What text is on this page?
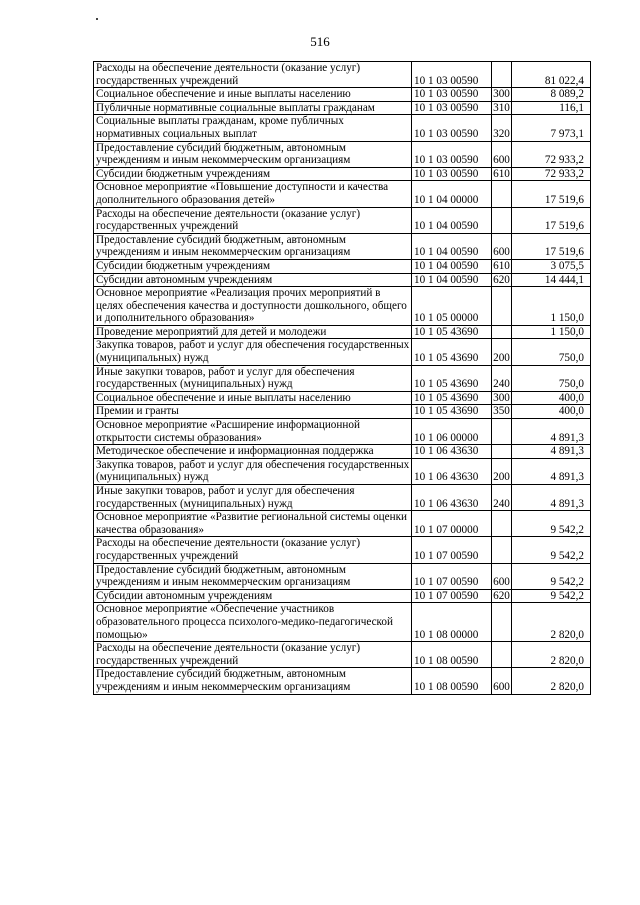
516
Расходы на обеспечение деятельности (оказание услуг) государственных учреждений	10 1 03 00590		81 022,4
Социальное обеспечение и иные выплаты населению	10 1 03 00590	300	8 089,2
Публичные нормативные социальные выплаты гражданам	10 1 03 00590	310	116,1
Социальные выплаты гражданам, кроме публичных нормативных социальных выплат	10 1 03 00590	320	7 973,1
Предоставление субсидий бюджетным, автономным учреждениям и иным некоммерческим организациям	10 1 03 00590	600	72 933,2
Субсидии бюджетным учреждениям	10 1 03 00590	610	72 933,2
Основное мероприятие «Повышение доступности и качества дополнительного образования детей»	10 1 04 00000		17 519,6
Расходы на обеспечение деятельности (оказание услуг) государственных учреждений	10 1 04 00590		17 519,6
Предоставление субсидий бюджетным, автономным учреждениям и иным некоммерческим организациям	10 1 04 00590	600	17 519,6
Субсидии бюджетным учреждениям	10 1 04 00590	610	3 075,5
Субсидии автономным учреждениям	10 1 04 00590	620	14 444,1
Основное мероприятие «Реализация прочих мероприятий в целях обеспечения качества и доступности дошкольного, общего и дополнительного образования»	10 1 05 00000		1 150,0
Проведение мероприятий для детей и молодежи	10 1 05 43690		1 150,0
Закупка товаров, работ и услуг для обеспечения государственных (муниципальных) нужд	10 1 05 43690	200	750,0
Иные закупки товаров, работ и услуг для обеспечения государственных (муниципальных) нужд	10 1 05 43690	240	750,0
Социальное обеспечение и иные выплаты населению	10 1 05 43690	300	400,0
Премии и гранты	10 1 05 43690	350	400,0
Основное мероприятие «Расширение информационной открытости системы образования»	10 1 06 00000		4 891,3
Методическое обеспечение и информационная поддержка	10 1 06 43630		4 891,3
Закупка товаров, работ и услуг для обеспечения государственных (муниципальных) нужд	10 1 06 43630	200	4 891,3
Иные закупки товаров, работ и услуг для обеспечения государственных (муниципальных) нужд	10 1 06 43630	240	4 891,3
Основное мероприятие «Развитие региональной системы оценки качества образования»	10 1 07 00000		9 542,2
Расходы на обеспечение деятельности (оказание услуг) государственных учреждений	10 1 07 00590		9 542,2
Предоставление субсидий бюджетным, автономным учреждениям и иным некоммерческим организациям	10 1 07 00590	600	9 542,2
Субсидии автономным учреждениям	10 1 07 00590	620	9 542,2
Основное мероприятие «Обеспечение участников образовательного процесса психолого-медико-педагогической помощью»	10 1 08 00000		2 820,0
Расходы на обеспечение деятельности (оказание услуг) государственных учреждений	10 1 08 00590		2 820,0
Предоставление субсидий бюджетным, автономным учреждениям и иным некоммерческим организациям	10 1 08 00590	600	2 820,0
